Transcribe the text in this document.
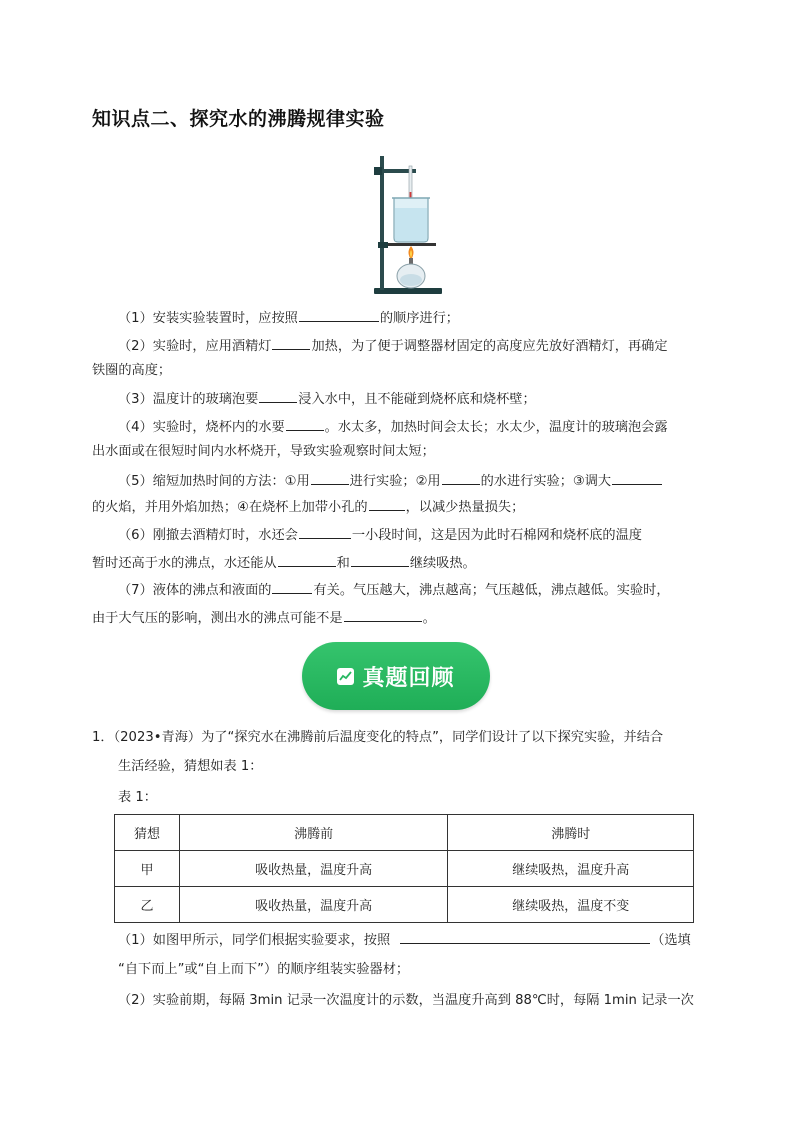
知识点二、探究水的沸腾规律实验
（1）安装实验装置时，应按照	的顺序进行；
（2）实验时，应用酒精灯	加热，为了便于调整器材固定的高度应先放好酒精灯，再确定
铁圈的高度；
（3）温度计的玻璃泡要	浸入水中，且不能碰到烧杯底和烧杯壁；
（4）实验时，烧杯内的水要	。水太多，加热时间会太长；水太少，温度计的玻璃泡会露
出水面或在很短时间内水杯烧开，导致实验观察时间太短；
（5）缩短加热时间的方法：①用	进行实验；②用	的水进行实验；③调大
的火焰，并用外焰加热；④在烧杯上加带小孔的	，以减少热量损失；
（6）刚撤去酒精灯时，水还会	一小段时间，这是因为此时石棉网和烧杯底的温度
暂时还高于水的沸点，水还能从	和	继续吸热。
（7）液体的沸点和液面的	有关。气压越大，沸点越高；气压越低，沸点越低。实验时，
由于大气压的影响，测出水的沸点可能不是	。
真题回顾
1．（2023•青海）为了“探究水在沸腾前后温度变化的特点”，同学们设计了以下探究实验，并结合
生活经验，猜想如表 1：
表 1：
猜想	沸腾前	沸腾时
甲	吸收热量，温度升高	继续吸热，温度升高
乙	吸收热量，温度升高	继续吸热，温度不变
（1）如图甲所示，同学们根据实验要求，按照	（选填
“自下而上”或“自上而下”）的顺序组装实验器材；
（2）实验前期，每隔 3min 记录一次温度计的示数，当温度升高到 88℃时，每隔 1min 记录一次
